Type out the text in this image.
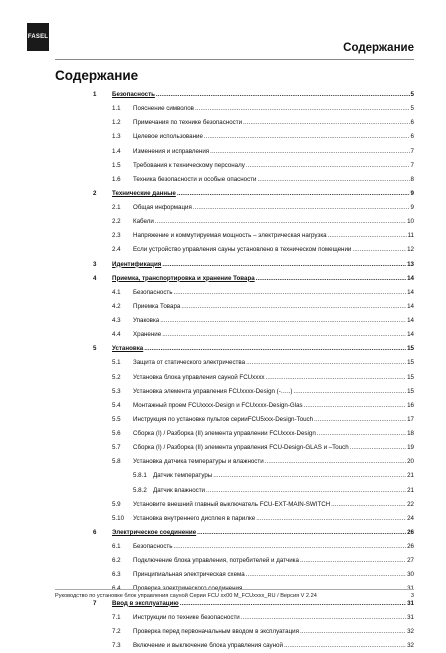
FASEL
Содержание
Содержание
1	Безопасность .....	5
1.1 Пояснение символов .....	5
1.2 Примечания по технике безопасности .....	6
1.3 Целевое использование .....	6
1.4 Изменения и исправления .....	7
1.5 Требования к техническому персоналу .....	7
1.6 Техника безопасности и особые опасности .....	8
2	Технические данные .....	9
2.1 Общая информация .....	9
2.2 Кабели .....	10
2.3 Напряжение и коммутируемая мощность – электрическая нагрузка .....	11
2.4 Если устройство управления сауны установлено в техническом помещении .....	12
3	Идентификация .....	13
4	Приемка, транспортировка и хранение Товара .....	14
4.1 Безопасность .....	14
4.2 Приемка Товара .....	14
4.3 Упаковка .....	14
4.4 Хранение .....	14
5	Установка .....	15
5.1 Защита от статического электричества .....	15
5.2 Установка блока управления сауной FCUxxxx .....	15
5.3 Установка элемента управления FCUxxxx-Design (-…..) .....	15
5.4 Монтажный проем FCUxxxx-Design и FCUxxxx-Design-Glas .....	16
5.5 Инструкция по установке пультов серииFCU5xxx-Design-Touch .....	17
5.6 Сборка (I) / Разборка (II) элемента управлении FCUxxxx-Design .....	18
5.7 Сборка (I) / Разборка (II) элемента управления FCU-Design-GLAS и –Touch .....	19
5.8 Установка датчика температуры и влажности .....	20
5.8.1 Датчик температуры .....	21
5.8.2 Датчик влажности .....	21
5.9 Установите внешний главный выключатель FCU-EXT-MAIN-SWITCH .....	22
5.10 Установка внутреннего дисплея в парилке .....	24
6	Электрическое соединение .....	26
6.1 Безопасность .....	26
6.2 Подключение блока управления, потребителей и датчика .....	27
6.3 Принципиальная электрическая схема .....	30
6.4 Проверка электрического соединения .....	31
7	Ввод в эксплуатацию .....	31
7.1 Инструкции по технике безопасности .....	31
7.2 Проверка перед первоначальным вводом в эксплуатация .....	32
7.3 Включение и выключение блока управления сауной .....	32
Руководство по установке блок управления сауной Серии FCU xx00 M_FCUxxxx_RU / Версия V 2.24	3
